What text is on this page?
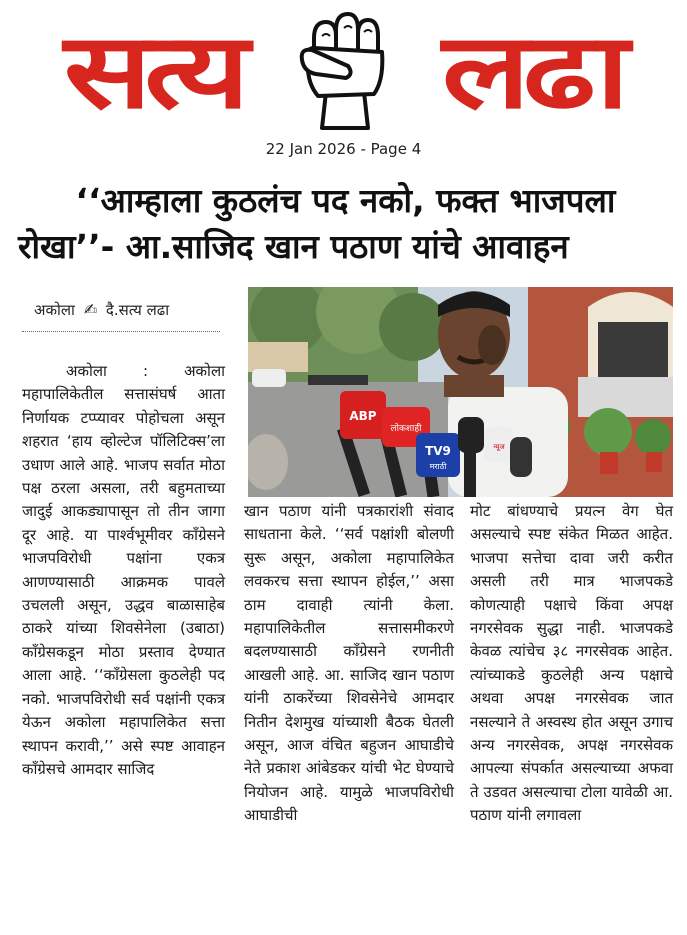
सत्य	लढा
22 Jan 2026 - Page 4
‘‘आम्हाला कुठलंच पद नको, फक्त भाजपला
रोखा’’- आ.साजिद खान पठाण यांचे आवाहन
अकोला ✍ दै.सत्य लढा
ABP
लोकशाही
TV9
मराठी
न्यूज
अकोला : अकोला महापालिकेतील सत्तासंघर्ष आता निर्णायक टप्प्यावर पोहोचला असून शहरात ‘हाय व्होल्टेज पॉलिटिक्स’ला उधाण आले आहे. भाजप सर्वात मोठा पक्ष ठरला असला, तरी बहुमताच्या जादुई आकड्यापासून तो तीन जागा दूर आहे. या पार्श्वभूमीवर काँग्रेसने भाजपविरोधी पक्षांना एकत्र आणण्यासाठी आक्रमक पावले उचलली असून, उद्धव बाळासाहेब ठाकरे यांच्या शिवसेनेला (उबाठा) काँग्रेसकडून मोठा प्रस्ताव देण्यात आला आहे. ‘‘काँग्रेसला कुठलेही पद नको. भाजपविरोधी सर्व पक्षांनी एकत्र येऊन अकोला महापालिकेत सत्ता स्थापन करावी,’’ असे स्पष्ट आवाहन काँग्रेसचे आमदार साजिद
खान पठाण यांनी पत्रकारांशी संवाद साधताना केले. ‘‘सर्व पक्षांशी बोलणी सुरू असून, अकोला महापालिकेत लवकरच सत्ता स्थापन होईल,’’ असा ठाम दावाही त्यांनी केला. महापालिकेतील सत्तासमीकरणे बदलण्यासाठी काँग्रेसने रणनीती आखली आहे. आ. साजिद खान पठाण यांनी ठाकरेंच्या शिवसेनेचे आमदार नितीन देशमुख यांच्याशी बैठक घेतली असून, आज वंचित बहुजन आघाडीचे नेते प्रकाश आंबेडकर यांची भेट घेण्याचे नियोजन आहे. यामुळे भाजपविरोधी आघाडीची
मोट बांधण्याचे प्रयत्न वेग घेत असल्याचे स्पष्ट संकेत मिळत आहेत. भाजपा सत्तेचा दावा जरी करीत असली तरी मात्र भाजपकडे कोणत्याही पक्षाचे किंवा अपक्ष नगरसेवक सुद्धा नाही. भाजपकडे केवळ त्यांचेच ३८ नगरसेवक आहेत. त्यांच्याकडे कुठलेही अन्य पक्षाचे अथवा अपक्ष नगरसेवक जात नसल्याने ते अस्वस्थ होत असून उगाच अन्य नगरसेवक, अपक्ष नगरसेवक आपल्या संपर्कात असल्याच्या अफवा ते उडवत असल्याचा टोला यावेळी आ. पठाण यांनी लगावला
